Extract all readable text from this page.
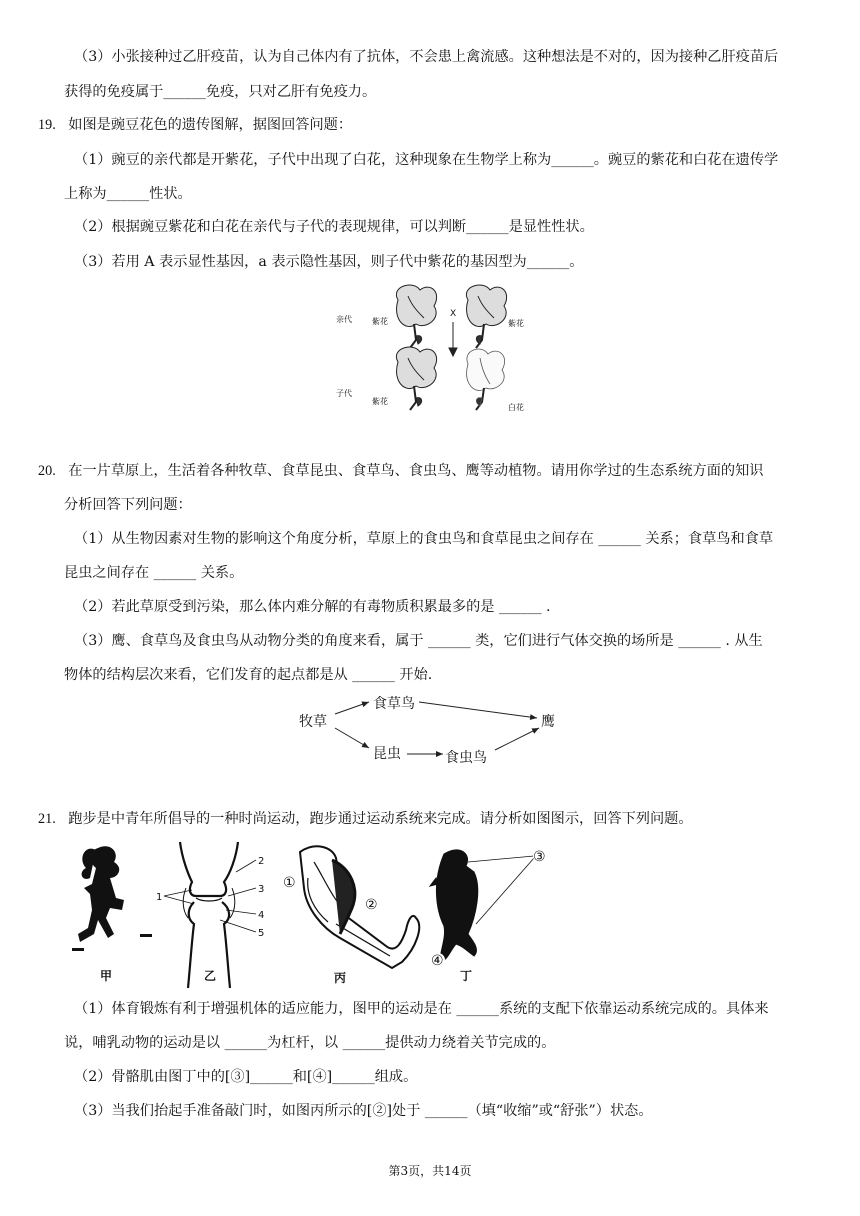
（3）小张接种过乙肝疫苗，认为自己体内有了抗体，不会患上禽流感。这种想法是不对的，因为接种乙肝疫苗后
获得的免疫属于______免疫，只对乙肝有免疫力。
19. 如图是豌豆花色的遗传图解，据图回答问题：
（1）豌豆的亲代都是开紫花，子代中出现了白花，这种现象在生物学上称为______。豌豆的紫花和白花在遗传学
上称为______性状。
（2）根据豌豆紫花和白花在亲代与子代的表现规律，可以判断______是显性性状。
（3）若用 A 表示显性基因，a 表示隐性基因，则子代中紫花的基因型为______。
亲代
子代
紫花
X
紫花
紫花
白花
20. 在一片草原上，生活着各种牧草、食草昆虫、食草鸟、食虫鸟、鹰等动植物。请用你学过的生态系统方面的知识
分析回答下列问题：
（1）从生物因素对生物的影响这个角度分析，草原上的食虫鸟和食草昆虫之间存在 ______ 关系；食草鸟和食草
昆虫之间存在 ______ 关系。
（2）若此草原受到污染，那么体内难分解的有毒物质积累最多的是 ______ .
（3）鹰、食草鸟及食虫鸟从动物分类的角度来看，属于 ______ 类，它们进行气体交换的场所是 ______ . 从生
物体的结构层次来看，它们发育的起点都是从 ______ 开始.
牧草
食草鸟
昆虫	食虫鸟
鹰
21. 跑步是中青年所倡导的一种时尚运动，跑步通过运动系统来完成。请分析如图图示，回答下列问题。
甲
1
2
3
4
5
乙
①
②
丙
③
④
丁
（1）体育锻炼有利于增强机体的适应能力，图甲的运动是在 ______系统的支配下依靠运动系统完成的。具体来
说，哺乳动物的运动是以 ______为杠杆，以 ______提供动力绕着关节完成的。
（2）骨骼肌由图丁中的[③]______和[④]______组成。
（3）当我们抬起手准备敲门时，如图丙所示的[②]处于 ______（填“收缩”或“舒张”）状态。
第3页，共14页
